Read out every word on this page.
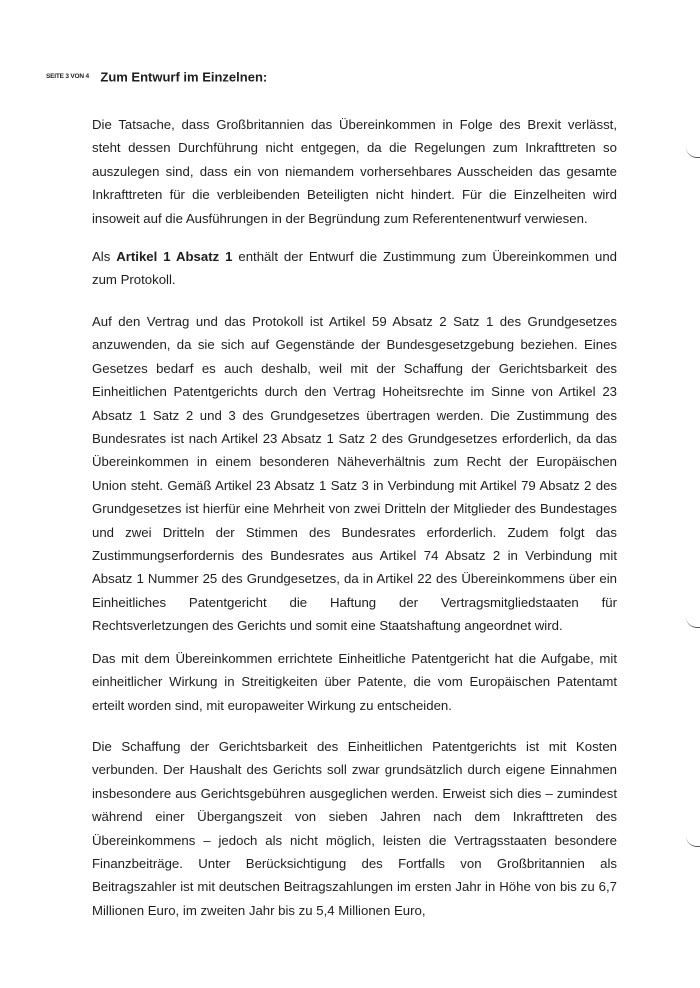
SEITE 3 VON 4 Zum Entwurf im Einzelnen:

Die Tatsache, dass Großbritannien das Übereinkommen in Folge des Brexit verlässt, steht dessen Durchführung nicht entgegen, da die Regelungen zum Inkrafttreten so auszulegen sind, dass ein von niemandem vorhersehbares Ausscheiden das gesamte Inkrafttreten für die verbleibenden Beteiligten nicht hindert. Für die Einzelheiten wird insoweit auf die Ausführungen in der Begründung zum Referentenentwurf verwiesen.

Als Artikel 1 Absatz 1 enthält der Entwurf die Zustimmung zum Übereinkommen und zum Protokoll.

Auf den Vertrag und das Protokoll ist Artikel 59 Absatz 2 Satz 1 des Grundgesetzes anzuwenden, da sie sich auf Gegenstände der Bundesgesetzgebung beziehen. Eines Gesetzes bedarf es auch deshalb, weil mit der Schaffung der Gerichtsbarkeit des Einheitlichen Patentgerichts durch den Vertrag Hoheitsrechte im Sinne von Artikel 23 Absatz 1 Satz 2 und 3 des Grundgesetzes übertragen werden. Die Zustimmung des Bundesrates ist nach Artikel 23 Absatz 1 Satz 2 des Grundgesetzes erforderlich, da das Übereinkommen in einem besonderen Näheverhältnis zum Recht der Europäischen Union steht. Gemäß Artikel 23 Absatz 1 Satz 3 in Verbindung mit Artikel 79 Absatz 2 des Grundgesetzes ist hierfür eine Mehrheit von zwei Dritteln der Mitglieder des Bundestages und zwei Dritteln der Stimmen des Bundesrates erforderlich. Zudem folgt das Zustimmungserfordernis des Bundesrates aus Artikel 74 Absatz 2 in Verbindung mit Absatz 1 Nummer 25 des Grundgesetzes, da in Artikel 22 des Übereinkommens über ein Einheitliches Patentgericht die Haftung der Vertragsmitgliedstaaten für Rechtsverletzungen des Gerichts und somit eine Staatshaftung angeordnet wird.

Das mit dem Übereinkommen errichtete Einheitliche Patentgericht hat die Aufgabe, mit einheitlicher Wirkung in Streitigkeiten über Patente, die vom Europäischen Patentamt erteilt worden sind, mit europaweiter Wirkung zu entscheiden.

Die Schaffung der Gerichtsbarkeit des Einheitlichen Patentgerichts ist mit Kosten verbunden. Der Haushalt des Gerichts soll zwar grundsätzlich durch eigene Einnahmen insbesondere aus Gerichtsgebühren ausgeglichen werden. Erweist sich dies – zumindest während einer Übergangszeit von sieben Jahren nach dem Inkrafttreten des Übereinkommens – jedoch als nicht möglich, leisten die Vertragsstaaten besondere Finanzbeiträge. Unter Berücksichtigung des Fortfalls von Großbritannien als Beitragszahler ist mit deutschen Beitragszahlungen im ersten Jahr in Höhe von bis zu 6,7 Millionen Euro, im zweiten Jahr bis zu 5,4 Millionen Euro,
